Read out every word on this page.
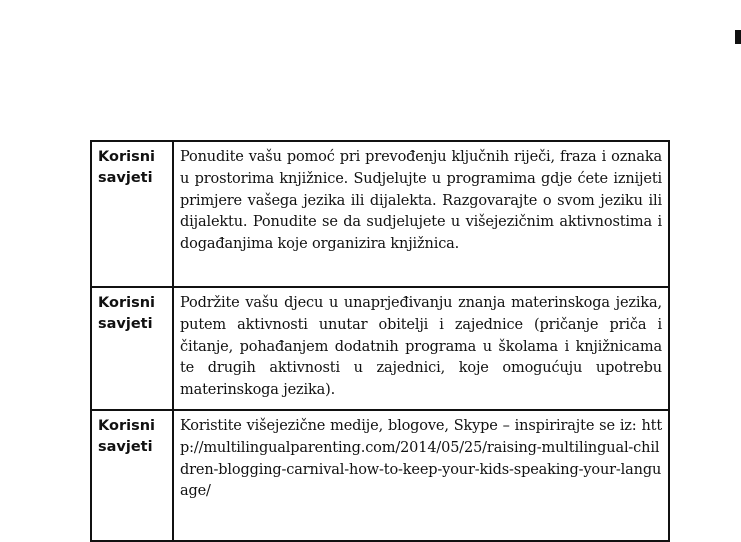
Korisni savjeti	Ponudite vašu pomoć pri prevođenju ključnih riječi, fraza i oznaka u prostorima knjižnice. Sudjelujte u programima gdje ćete iznijeti primjere vašega jezika ili dijalekta. Razgovarajte o svom jeziku ili dijalektu. Ponudite se da sudjelujete u višejezičnim aktivnostima i događanjima koje organizira knjižnica.
Korisni savjeti	Podržite vašu djecu u unaprjeđivanju znanja materinskoga jezika, putem aktivnosti unutar obitelji i zajednice (pričanje priča i čitanje, pohađanjem dodatnih programa u školama i knjižnicama te drugih aktivnosti u zajednici, koje omogućuju upotrebu materinskoga jezika).
Korisni savjeti	Koristite višejezične medije, blogove, Skype – inspirirajte se iz: http://multilingualparenting.com/2014/05/25/raising-multilingual-children-blogging-carnival-how-to-keep-your-kids-speaking-your-language/
